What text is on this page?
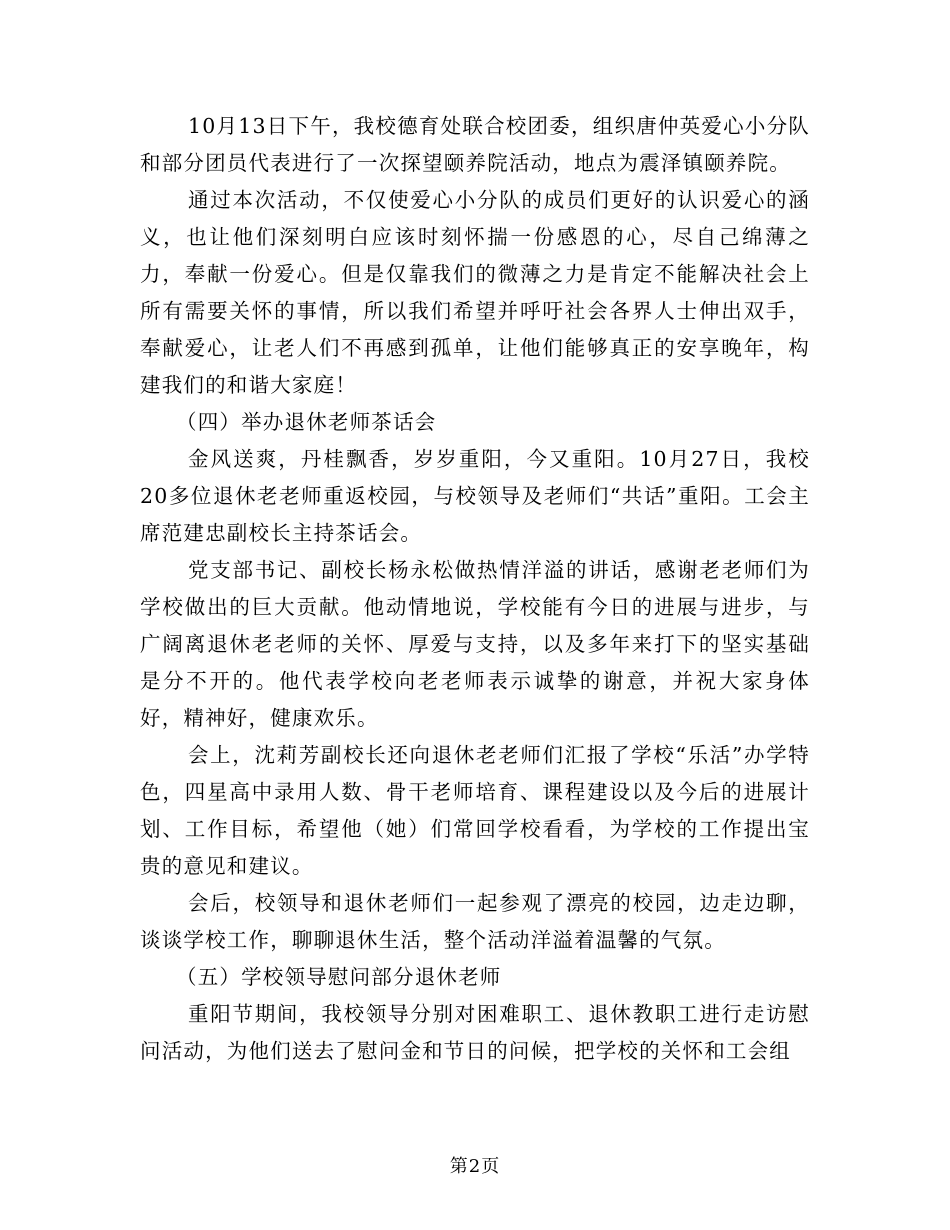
10月13日下午，我校德育处联合校团委，组织唐仲英爱心小分队和部分团员代表进行了一次探望颐养院活动，地点为震泽镇颐养院。

通过本次活动，不仅使爱心小分队的成员们更好的认识爱心的涵义，也让他们深刻明白应该时刻怀揣一份感恩的心，尽自己绵薄之力，奉献一份爱心。但是仅靠我们的微薄之力是肯定不能解决社会上所有需要关怀的事情，所以我们希望并呼吁社会各界人士伸出双手，奉献爱心，让老人们不再感到孤单，让他们能够真正的安享晚年，构建我们的和谐大家庭！

（四）举办退休老师茶话会

金风送爽，丹桂飘香，岁岁重阳，今又重阳。10月27日，我校20多位退休老老师重返校园，与校领导及老师们“共话”重阳。工会主席范建忠副校长主持茶话会。

党支部书记、副校长杨永松做热情洋溢的讲话，感谢老老师们为学校做出的巨大贡献。他动情地说，学校能有今日的进展与进步，与广阔离退休老老师的关怀、厚爱与支持，以及多年来打下的坚实基础是分不开的。他代表学校向老老师表示诚挚的谢意，并祝大家身体好，精神好，健康欢乐。

会上，沈莉芳副校长还向退休老老师们汇报了学校“乐活”办学特色，四星高中录用人数、骨干老师培育、课程建设以及今后的进展计划、工作目标，希望他（她）们常回学校看看，为学校的工作提出宝贵的意见和建议。

会后，校领导和退休老师们一起参观了漂亮的校园，边走边聊，谈谈学校工作，聊聊退休生活，整个活动洋溢着温馨的气氛。

（五）学校领导慰问部分退休老师

重阳节期间，我校领导分别对困难职工、退休教职工进行走访慰问活动，为他们送去了慰问金和节日的问候，把学校的关怀和工会组

第2页
